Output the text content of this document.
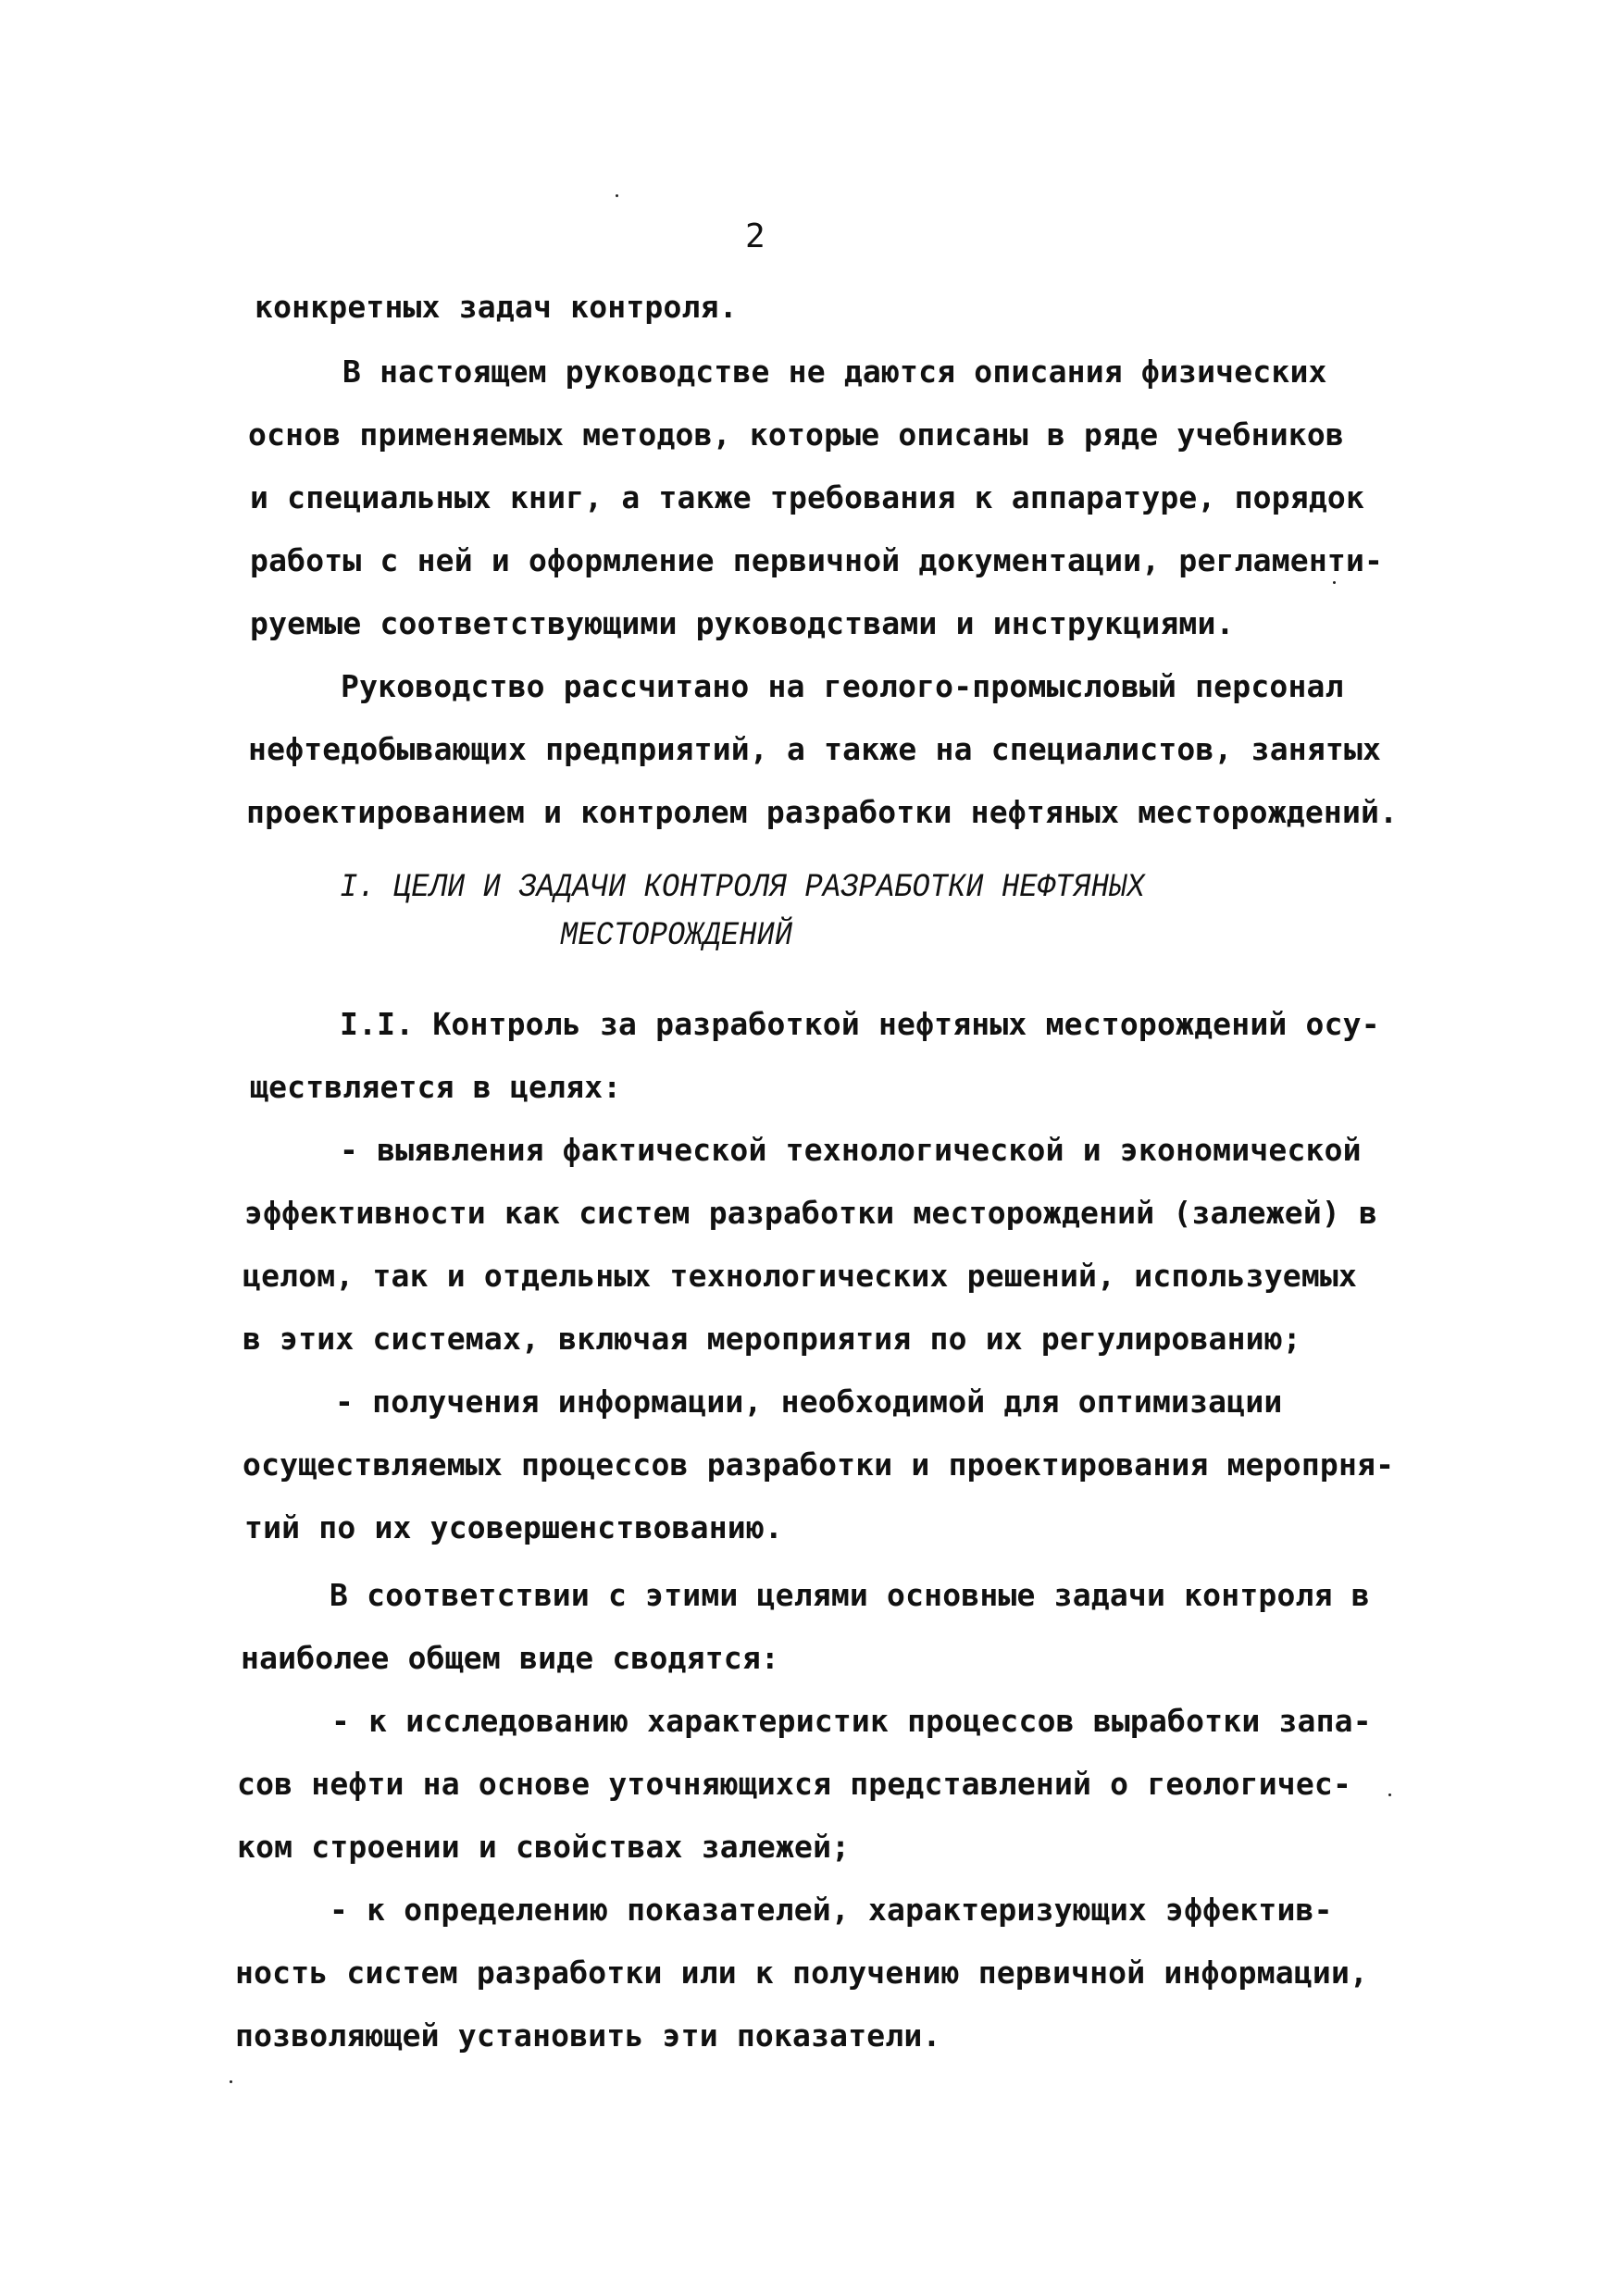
2
конкретных задач контроля.
В настоящем руководстве не даются описания физических
основ применяемых методов, которые описаны в ряде учебников
и специальных книг, а также требования к аппаратуре, порядок
работы с ней и оформление первичной документации, регламенти-
руемые соответствующими руководствами и инструкциями.
Руководство рассчитано на геолого-промысловый персонал
нефтедобывающих предприятий, а также на специалистов, занятых
проектированием и контролем разработки нефтяных месторождений.
I. ЦЕЛИ И ЗАДАЧИ КОНТРОЛЯ РАЗРАБОТКИ НЕФТЯНЫХ
МЕСТОРОЖДЕНИЙ
I.I. Контроль за разработкой нефтяных месторождений осу-
ществляется в целях:
- выявления фактической технологической и экономической
эффективности как систем разработки месторождений (залежей) в
целом, так и отдельных технологических решений, используемых
в этих системах, включая мероприятия по их регулированию;
- получения информации, необходимой для оптимизации
осуществляемых процессов разработки и проектирования меропрня-
тий по их усовершенствованию.
В соответствии с этими целями основные задачи контроля в
наиболее общем виде сводятся:
- к исследованию характеристик процессов выработки запа-
сов нефти на основе уточняющихся представлений о геологичес-
ком строении и свойствах залежей;
- к определению показателей, характеризующих эффектив-
ность систем разработки или к получению первичной информации,
позволяющей установить эти показатели.
